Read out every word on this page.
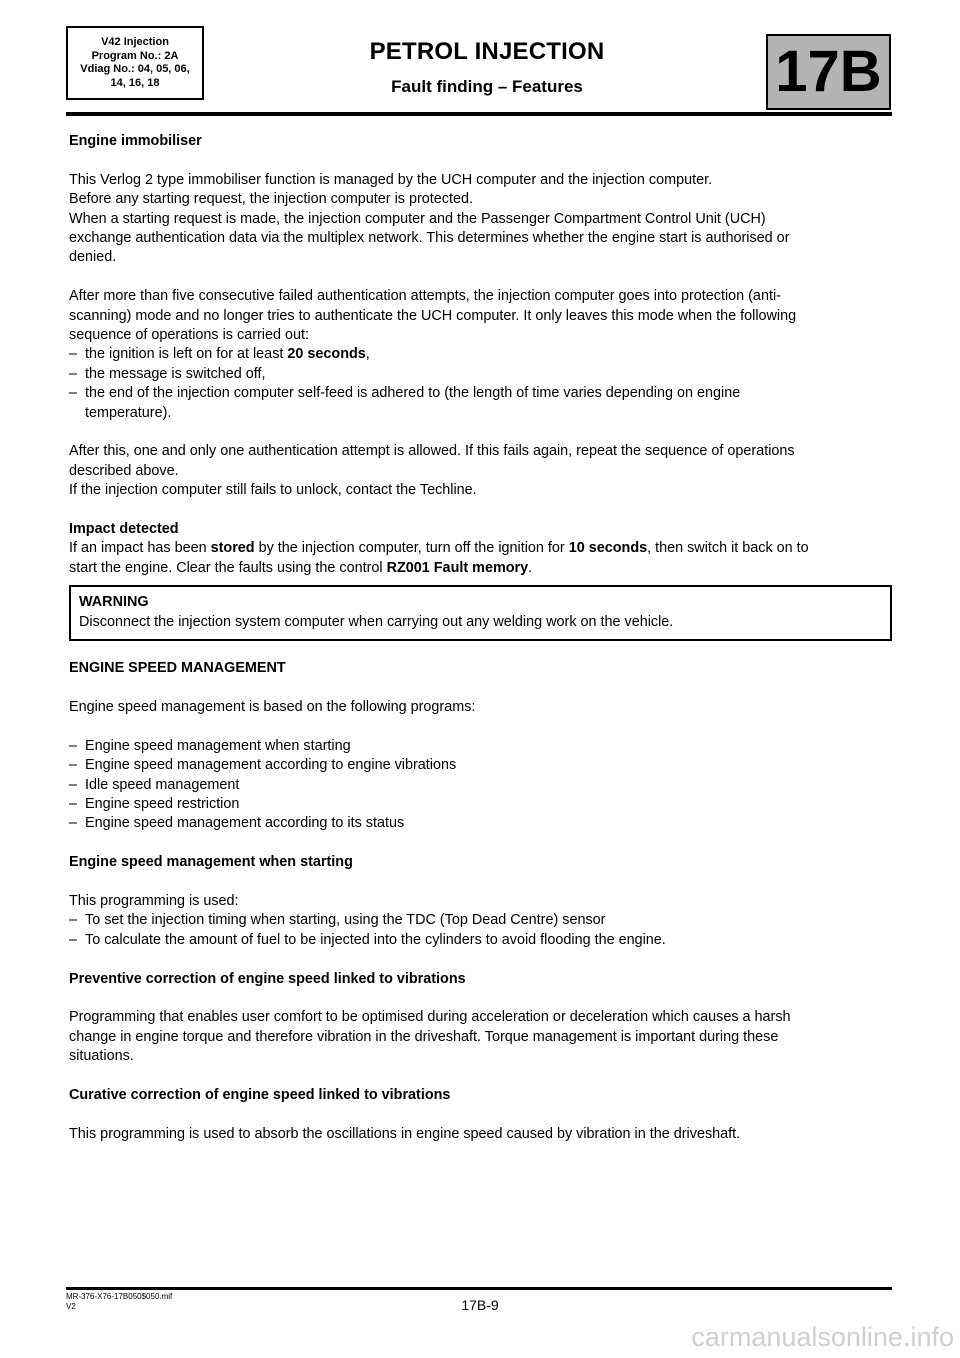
V42 Injection
Program No.: 2A
Vdiag No.: 04, 05, 06,
14, 16, 18
PETROL INJECTION
Fault finding – Features	17B
Engine immobiliser

This Verlog 2 type immobiliser function is managed by the UCH computer and the injection computer.
Before any starting request, the injection computer is protected.
When a starting request is made, the injection computer and the Passenger Compartment Control Unit (UCH)
exchange authentication data via the multiplex network. This determines whether the engine start is authorised or
denied.

After more than five consecutive failed authentication attempts, the injection computer goes into protection (anti-
scanning) mode and no longer tries to authenticate the UCH computer. It only leaves this mode when the following
sequence of operations is carried out:

– the ignition is left on for at least 20 seconds,
– the message is switched off,
– the end of the injection computer self-feed is adhered to (the length of time varies depending on engine
temperature).

After this, one and only one authentication attempt is allowed. If this fails again, repeat the sequence of operations
described above.
If the injection computer still fails to unlock, contact the Techline.

Impact detected

If an impact has been stored by the injection computer, turn off the ignition for 10 seconds, then switch it back on to
start the engine. Clear the faults using the control RZ001 Fault memory.

WARNING
Disconnect the injection system computer when carrying out any welding work on the vehicle.
ENGINE SPEED MANAGEMENT

Engine speed management is based on the following programs:

– Engine speed management when starting
– Engine speed management according to engine vibrations
– Idle speed management
– Engine speed restriction
– Engine speed management according to its status
Engine speed management when starting

This programming is used:

– To set the injection timing when starting, using the TDC (Top Dead Centre) sensor
– To calculate the amount of fuel to be injected into the cylinders to avoid flooding the engine.
Preventive correction of engine speed linked to vibrations

Programming that enables user comfort to be optimised during acceleration or deceleration which causes a harsh
change in engine torque and therefore vibration in the driveshaft. Torque management is important during these
situations.

Curative correction of engine speed linked to vibrations

This programming is used to absorb the oscillations in engine speed caused by vibration in the driveshaft.

MR-376-X76-17B050$050.mif
V2	17B-9
carmanualsonline.info
